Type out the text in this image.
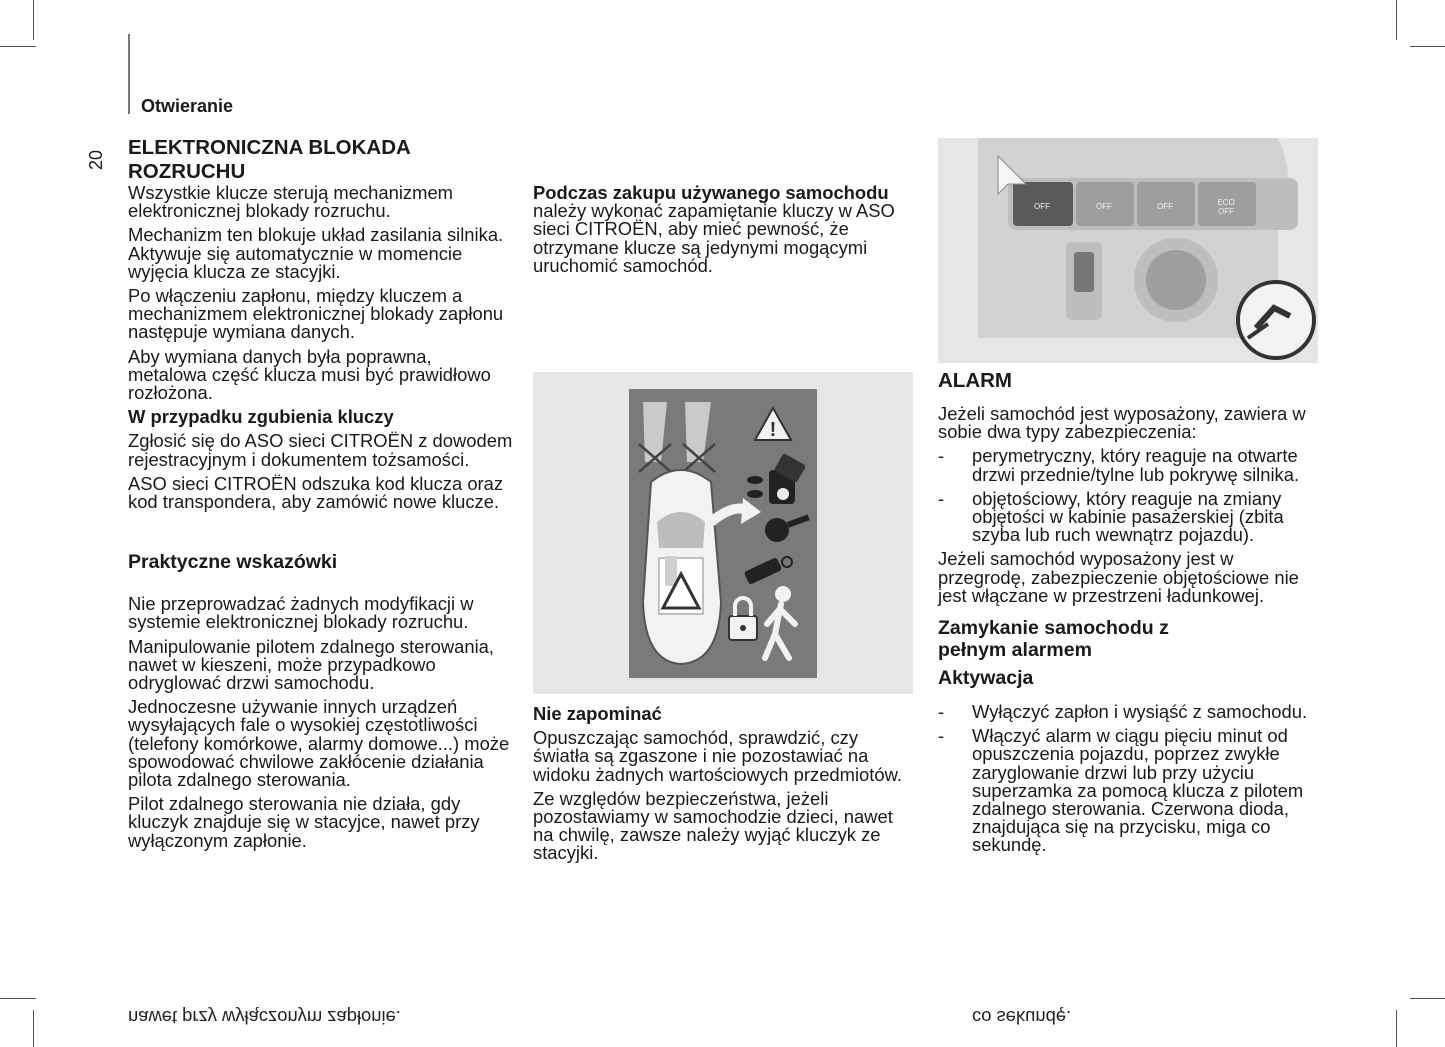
Otwieranie
20
ELEKTRONICZNA BLOKADA
ROZRUCHU

Wszystkie klucze sterują mechanizmem elektronicznej blokady rozruchu.

Mechanizm ten blokuje układ zasilania silnika. Aktywuje się automatycznie w momencie wyjęcia klucza ze stacyjki.

Po włączeniu zapłonu, między kluczem a mechanizmem elektronicznej blokady zapłonu następuje wymiana danych.

Aby wymiana danych była poprawna, metalowa część klucza musi być prawidłowo rozłożona.

W przypadku zgubienia kluczy

Zgłosić się do ASO sieci CITROËN z dowodem rejestracyjnym i dokumentem tożsamości.

ASO sieci CITROËN odszuka kod klucza oraz kod transpondera, aby zamówić nowe klucze.

Praktyczne wskazówki

Nie przeprowadzać żadnych modyfikacji w systemie elektronicznej blokady rozruchu.

Manipulowanie pilotem zdalnego sterowania, nawet w kieszeni, może przypadkowo odryglować drzwi samochodu.

Jednoczesne używanie innych urządzeń wysyłających fale o wysokiej częstotliwości (telefony komórkowe, alarmy domowe...) może spowodować chwilowe zakłócenie działania pilota zdalnego sterowania.

Pilot zdalnego sterowania nie działa, gdy kluczyk znajduje się w stacyjce, nawet przy wyłączonym zapłonie.

Podczas zakupu używanego samochodu należy wykonać zapamiętanie kluczy w ASO sieci CITROËN, aby mieć pewność, że otrzymane klucze są jedynymi mogącymi uruchomić samochód.

!

Nie zapominać

Opuszczając samochód, sprawdzić, czy światła są zgaszone i nie pozostawiać na widoku żadnych wartościowych przedmiotów.

Ze względów bezpieczeństwa, jeżeli pozostawiamy w samochodzie dzieci, nawet na chwilę, zawsze należy wyjąć kluczyk ze stacyjki.

OFF	OFF	OFF	ECO OFF
ALARM

Jeżeli samochód jest wyposażony, zawiera w sobie dwa typy zabezpieczenia:

- perymetryczny, który reaguje na otwarte drzwi przednie/tylne lub pokrywę silnika.
- objętościowy, który reaguje na zmiany objętości w kabinie pasażerskiej (zbita szyba lub ruch wewnątrz pojazdu).

Jeżeli samochód wyposażony jest w przegrodę, zabezpieczenie objętościowe nie jest włączane w przestrzeni ładunkowej.

Zamykanie samochodu z pełnym alarmem
Aktywacja
- Wyłączyć zapłon i wysiąść z samochodu.
- Włączyć alarm w ciągu pięciu minut od opuszczenia pojazdu, poprzez zwykłe zaryglowanie drzwi lub przy użyciu superzamka za pomocą klucza z pilotem zdalnego sterowania. Czerwona dioda, znajdująca się na przycisku, miga co sekundę.
nawet przy wyłączonym zapłonie.	co sekundę.
